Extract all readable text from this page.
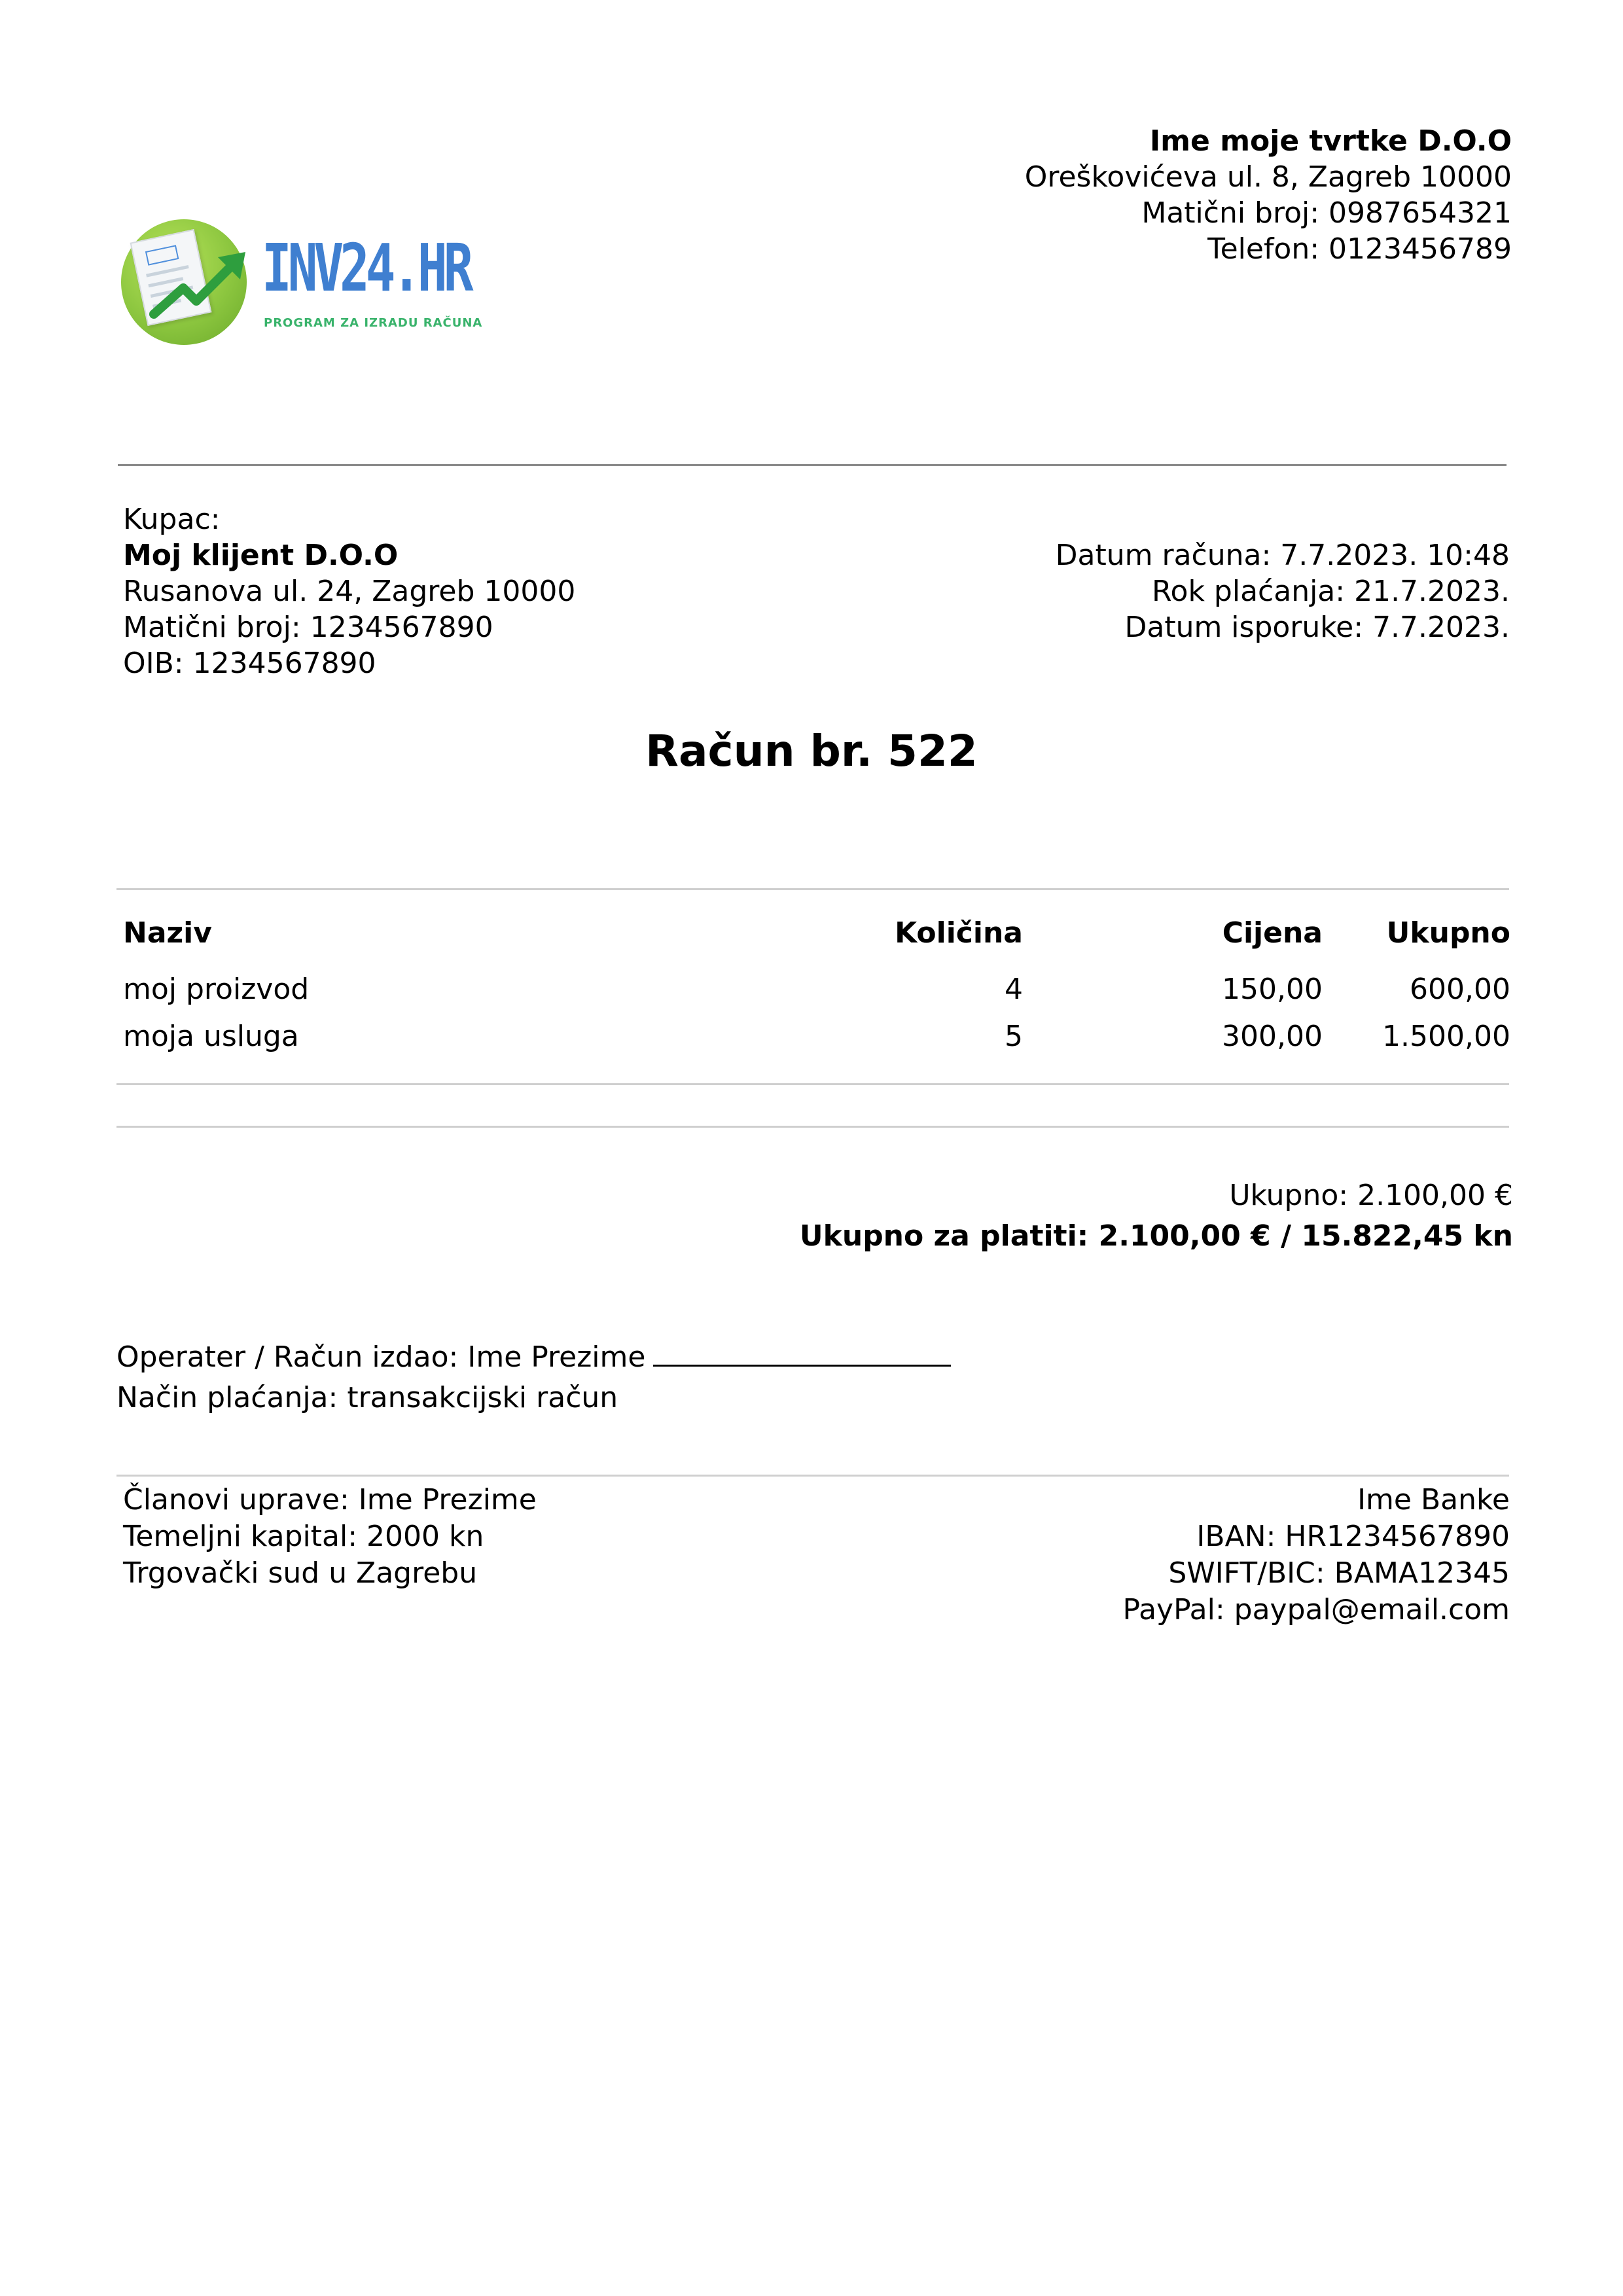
Ime moje tvrtke D.O.O
Oreškovićeva ul. 8, Zagreb 10000
Matični broj: 0987654321
Telefon: 0123456789
INV24.HR
PROGRAM ZA IZRADU RAČUNA
Kupac:
Moj klijent D.O.O
Rusanova ul. 24, Zagreb 10000
Matični broj: 1234567890
OIB: 1234567890
Datum računa: 7.7.2023. 10:48
Rok plaćanja: 21.7.2023.
Datum isporuke: 7.7.2023.
Račun br. 522
Naziv	Količina	Cijena Ukupno
moj proizvod	4	150,00	600,00
moja usluga	5	300,00 1.500,00
Ukupno: 2.100,00 €
Ukupno za platiti: 2.100,00 € / 15.822,45 kn
Operater / Račun izdao: Ime Prezime
Način plaćanja: transakcijski račun
Članovi uprave: Ime Prezime
Temeljni kapital: 2000 kn
Trgovački sud u Zagrebu
Ime Banke
IBAN: HR1234567890
SWIFT/BIC: BAMA12345
PayPal: paypal@email.com
